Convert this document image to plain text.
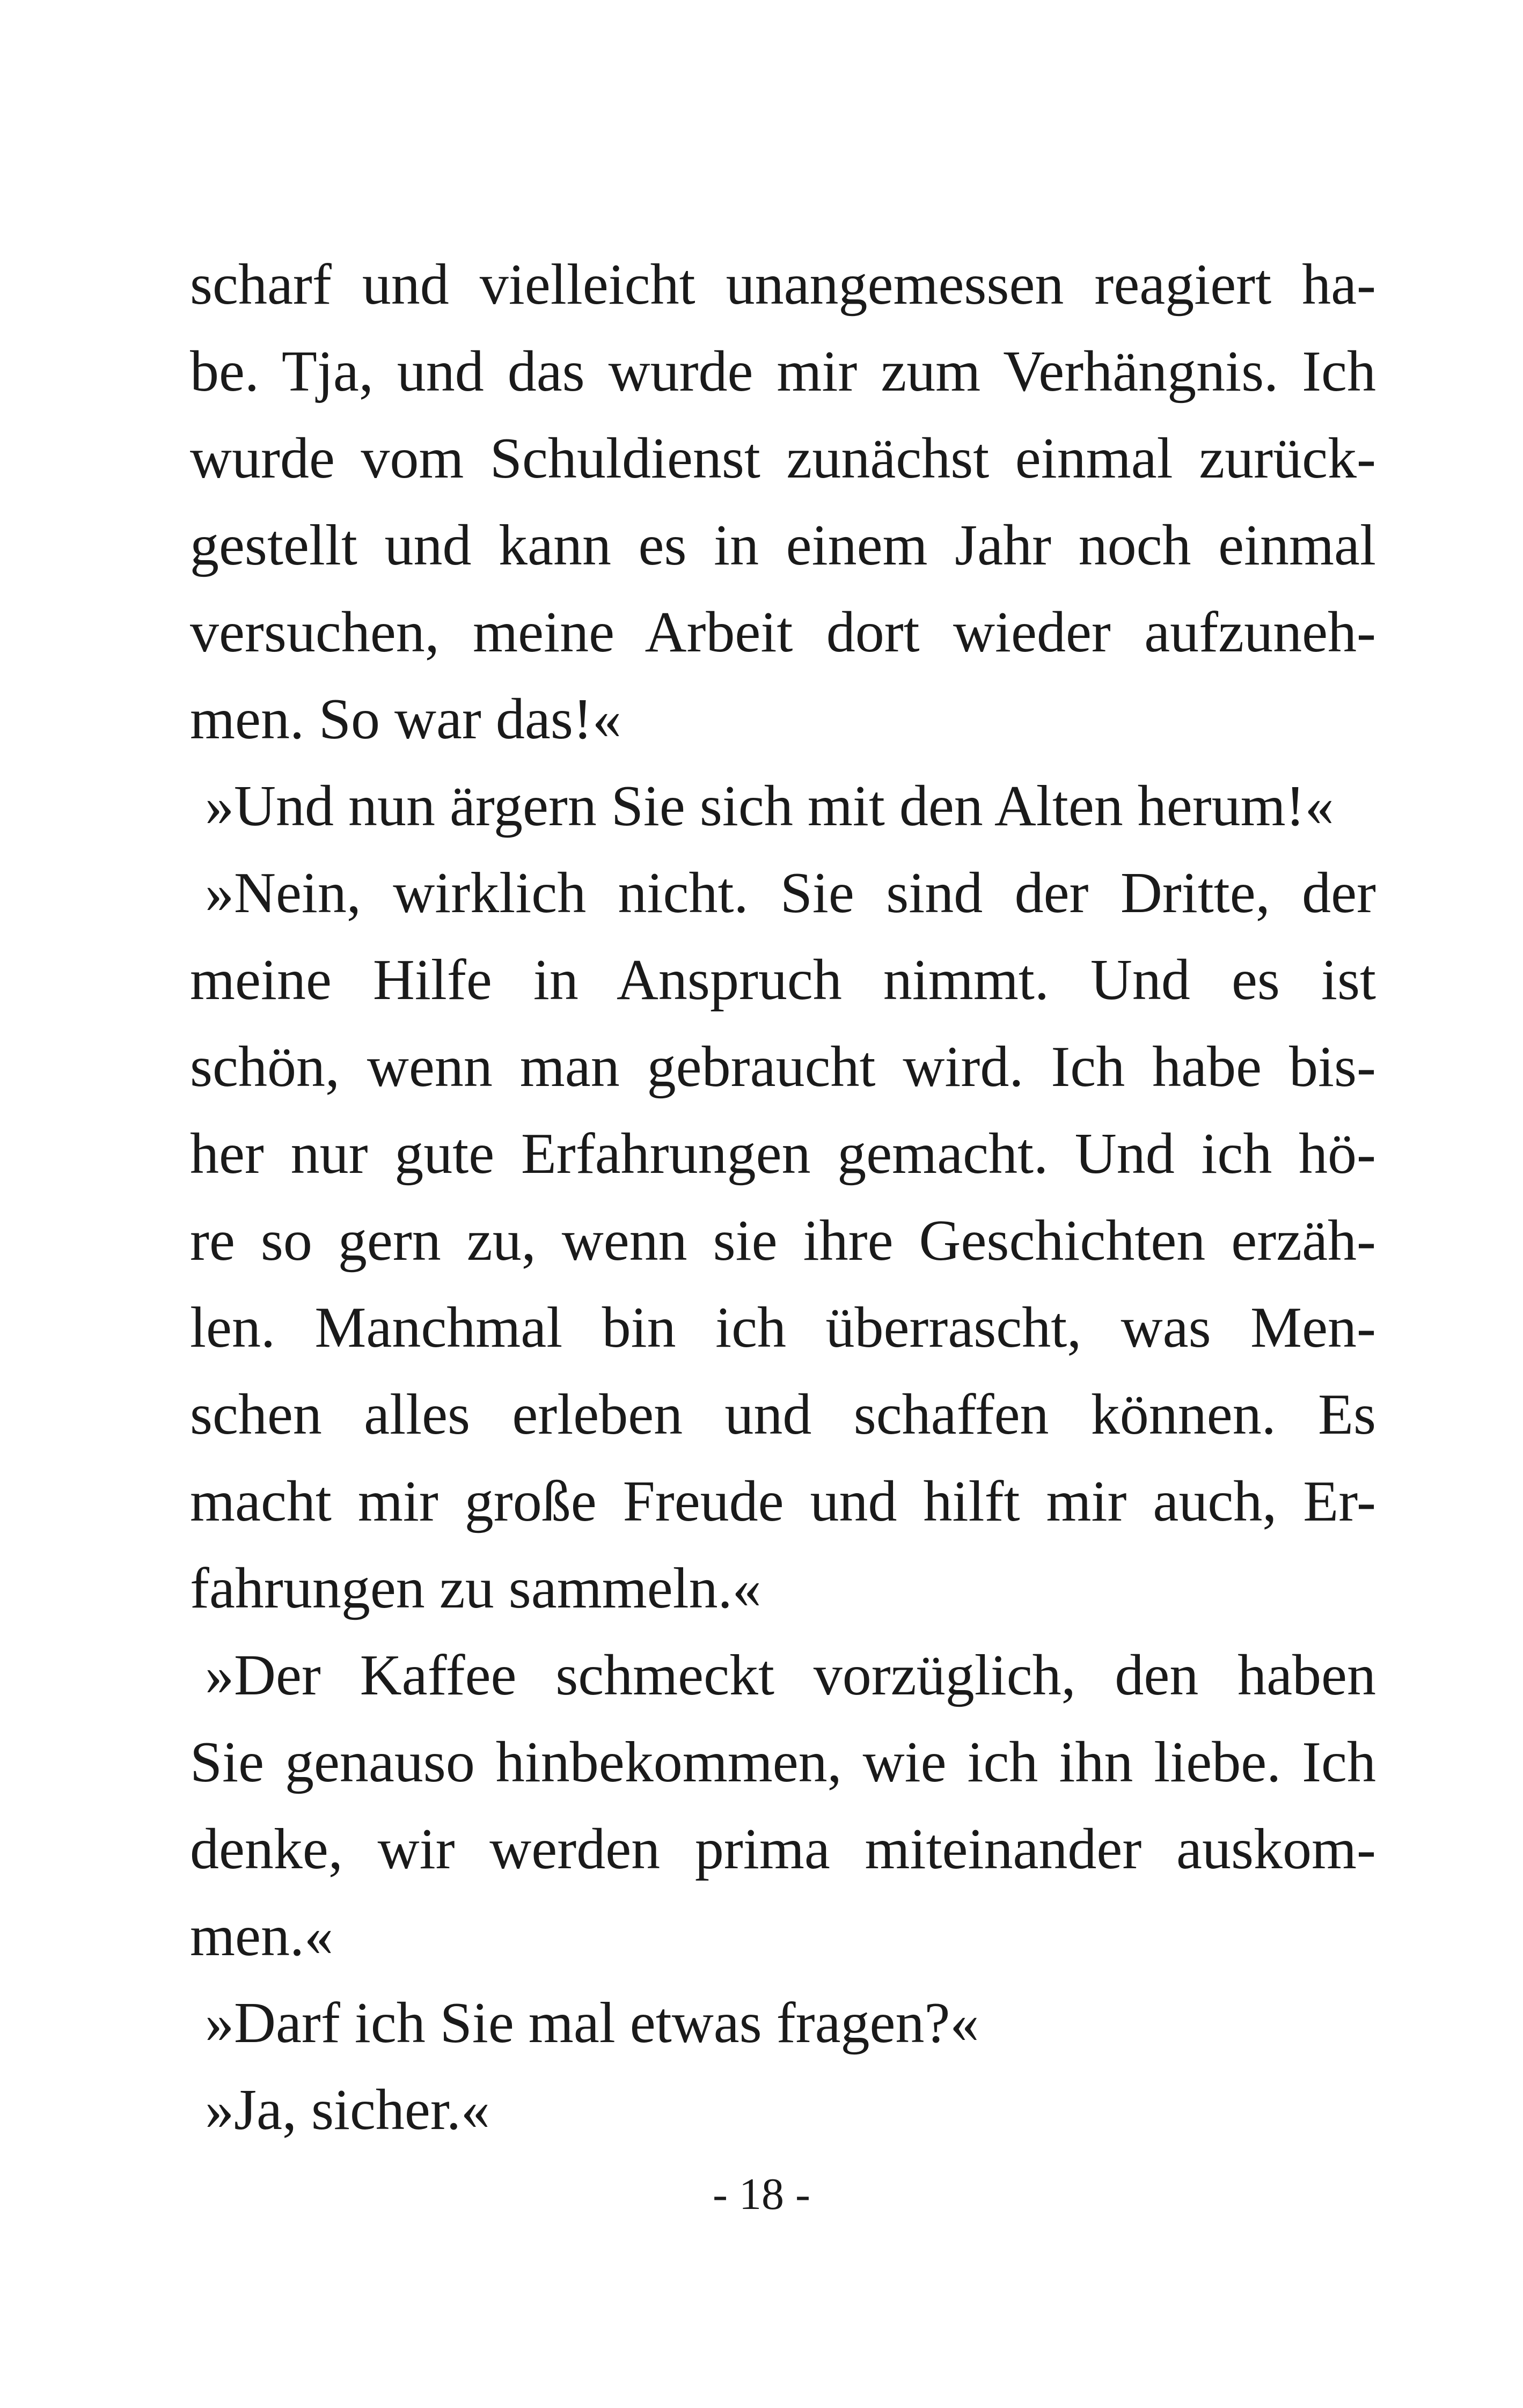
scharf und vielleicht unangemessen reagiert ha-
be. Tja, und das wurde mir zum Verhängnis. Ich
wurde vom Schuldienst zunächst einmal zurück-
gestellt und kann es in einem Jahr noch einmal
versuchen, meine Arbeit dort wieder aufzuneh-
men. So war das!«
»Und nun ärgern Sie sich mit den Alten herum!«
»Nein, wirklich nicht. Sie sind der Dritte, der
meine Hilfe in Anspruch nimmt. Und es ist
schön, wenn man gebraucht wird. Ich habe bis-
her nur gute Erfahrungen gemacht. Und ich hö-
re so gern zu, wenn sie ihre Geschichten erzäh-
len. Manchmal bin ich überrascht, was Men-
schen alles erleben und schaffen können. Es
macht mir große Freude und hilft mir auch, Er-
fahrungen zu sammeln.«
»Der Kaffee schmeckt vorzüglich, den haben
Sie genauso hinbekommen, wie ich ihn liebe. Ich
denke, wir werden prima miteinander auskom-
men.«
»Darf ich Sie mal etwas fragen?«
»Ja, sicher.«
- 18 -
